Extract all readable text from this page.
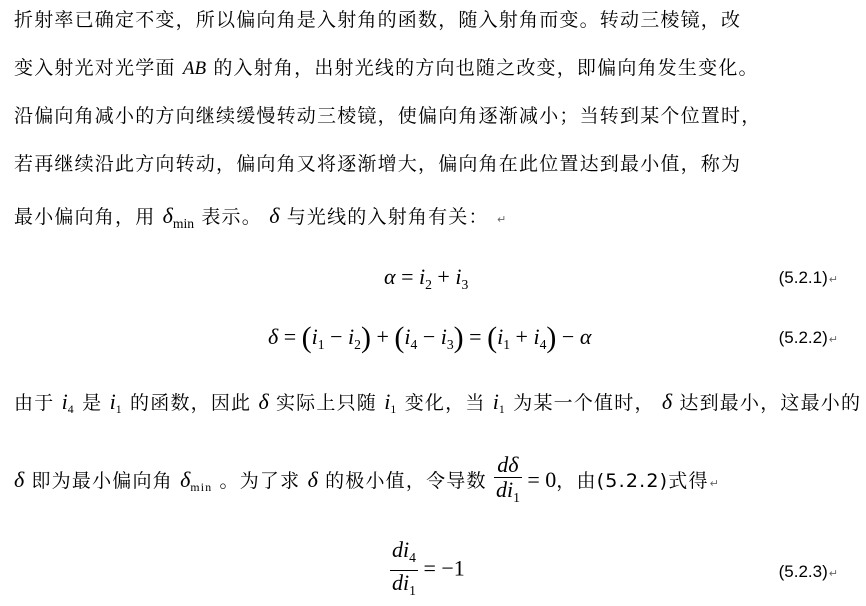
折射率已确定不变，所以偏向角是入射角的函数，随入射角而变。转动三棱镜，改
变入射光对光学面 AB 的入射角，出射光线的方向也随之改变，即偏向角发生变化。
沿偏向角减小的方向继续缓慢转动三棱镜，使偏向角逐渐减小；当转到某个位置时，
若再继续沿此方向转动，偏向角又将逐渐增大，偏向角在此位置达到最小值，称为
最小偏向角，用 $\delta_{min}$ 表示。 δ 与光线的入射角有关： ↵
$\alpha = i_2 + i_3$	(5.2.1)↵
$\delta = (i_1 - i_2) + (i_4 - i_3) = (i_1 + i_4) - \alpha$	(5.2.2)↵
由于 $i_4$ 是 $i_1$ 的函数，因此 δ 实际上只随 $i_1$ 变化，当 $i_1$ 为某一个值时， δ 达到最小，这最小的
δ 即为最小偏向角 $\delta_{min}$ 。为了求 δ 的极小值，令导数 $\frac{d\delta}{di_1} = 0$，由(5.2.2)式得↵
$\frac{di_4}{di_1} = -1$	(5.2.3)↵
